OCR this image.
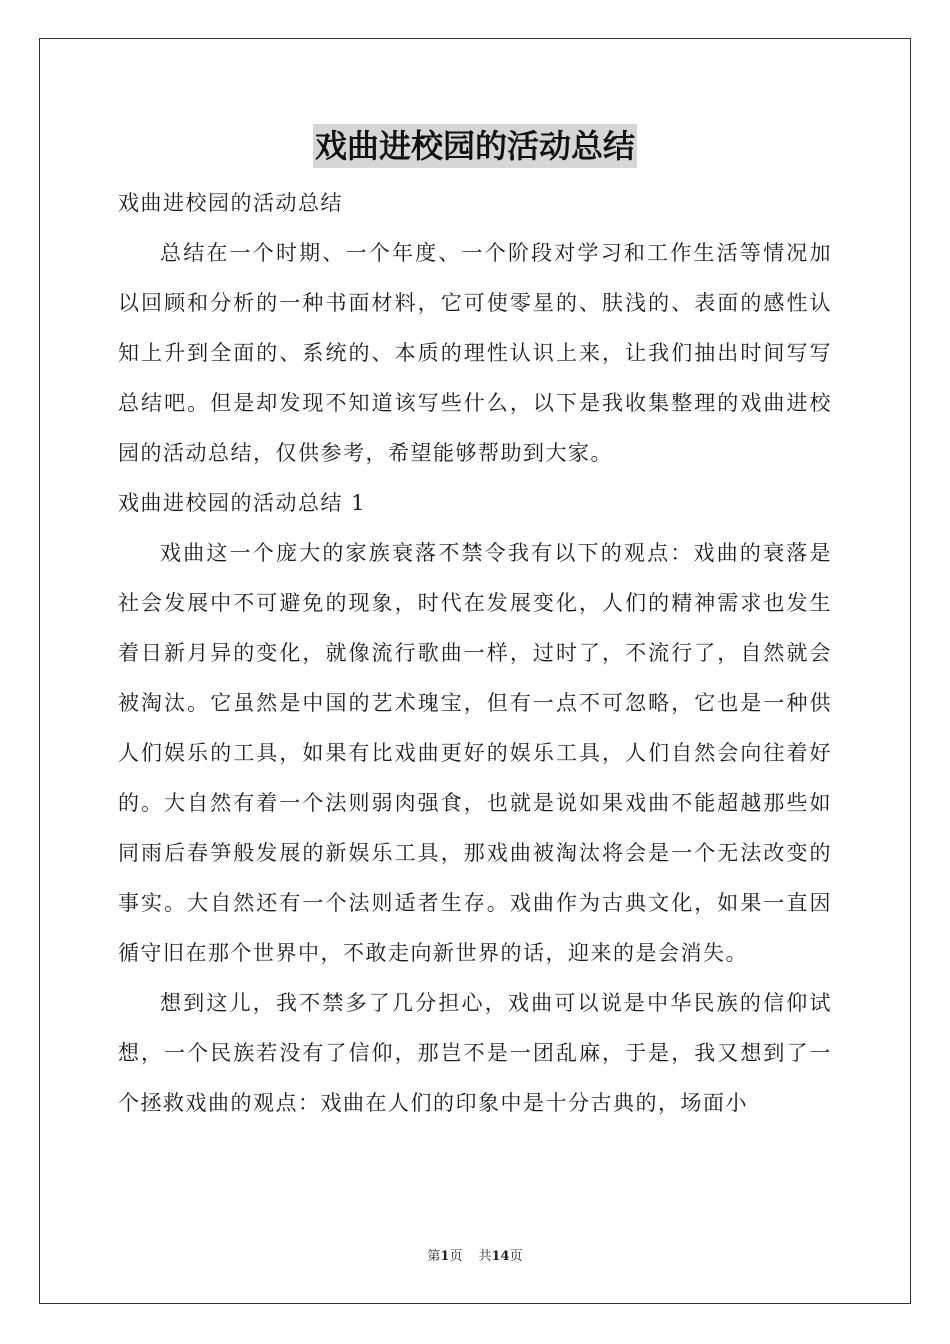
戏曲进校园的活动总结

戏曲进校园的活动总结

总结在一个时期、一个年度、一个阶段对学习和工作生活等情况加以回顾和分析的一种书面材料，它可使零星的、肤浅的、表面的感性认知上升到全面的、系统的、本质的理性认识上来，让我们抽出时间写写总结吧。但是却发现不知道该写些什么，以下是我收集整理的戏曲进校园的活动总结，仅供参考，希望能够帮助到大家。

戏曲进校园的活动总结 1

戏曲这一个庞大的家族衰落不禁令我有以下的观点：戏曲的衰落是社会发展中不可避免的现象，时代在发展变化，人们的精神需求也发生着日新月异的变化，就像流行歌曲一样，过时了，不流行了，自然就会被淘汰。它虽然是中国的艺术瑰宝，但有一点不可忽略，它也是一种供人们娱乐的工具，如果有比戏曲更好的娱乐工具，人们自然会向往着好的。大自然有着一个法则弱肉强食，也就是说如果戏曲不能超越那些如同雨后春笋般发展的新娱乐工具，那戏曲被淘汰将会是一个无法改变的事实。大自然还有一个法则适者生存。戏曲作为古典文化，如果一直因循守旧在那个世界中，不敢走向新世界的话，迎来的是会消失。

想到这儿，我不禁多了几分担心，戏曲可以说是中华民族的信仰试想，一个民族若没有了信仰，那岂不是一团乱麻，于是，我又想到了一个拯救戏曲的观点：戏曲在人们的印象中是十分古典的，场面小

第1页 共14页
